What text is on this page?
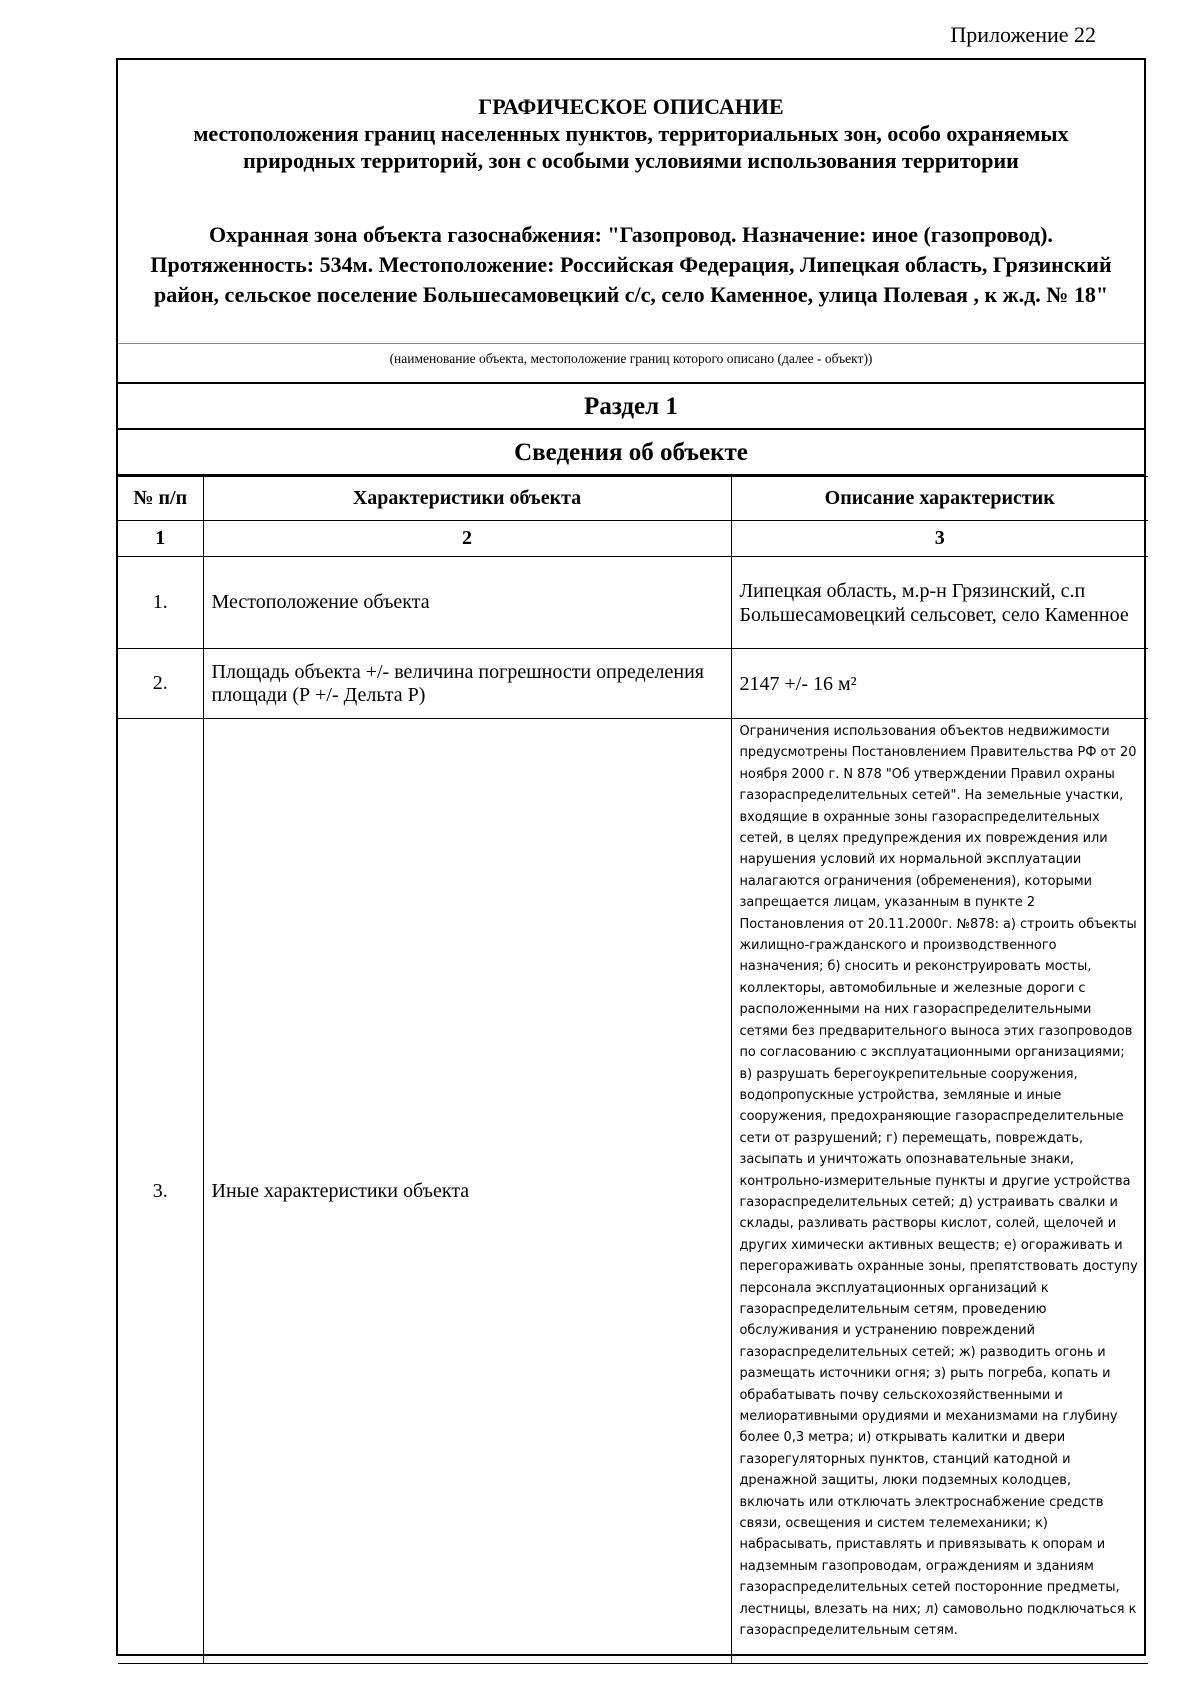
Приложение 22
ГРАФИЧЕСКОЕ ОПИСАНИЕ
местоположения границ населенных пунктов, территориальных зон, особо охраняемых природных территорий, зон с особыми условиями использования территории
Охранная зона объекта газоснабжения: "Газопровод. Назначение: иное (газопровод). Протяженность: 534м. Местоположение: Российская Федерация, Липецкая область, Грязинский район, сельское поселение Большесамовецкий с/с, село Каменное, улица Полевая , к ж.д. № 18"
(наименование объекта, местоположение границ которого описано (далее - объект))
Раздел 1
Сведения об объекте
№ п/п	Характеристики объекта	Описание характеристик
1	2	3
1.	Местоположение объекта	Липецкая область, м.р-н Грязинский, с.п Большесамовецкий сельсовет, село Каменное
2.	Площадь объекта +/- величина погрешности определения площади (Р +/- Дельта Р)	2147 +/- 16 м²
3.	Иные характеристики объекта	Ограничения использования объектов недвижимости предусмотрены Постановлением Правительства РФ от 20 ноября 2000 г. N 878 "Об утверждении Правил охраны газораспределительных сетей". На земельные участки, входящие в охранные зоны газораспределительных сетей, в целях предупреждения их повреждения или нарушения условий их нормальной эксплуатации налагаются ограничения (обременения), которыми запрещается лицам, указанным в пункте 2 Постановления от 20.11.2000г. №878: а) строить объекты жилищно-гражданского и производственного назначения; б) сносить и реконструировать мосты, коллекторы, автомобильные и железные дороги с расположенными на них газораспределительными сетями без предварительного выноса этих газопроводов по согласованию с эксплуатационными организациями; в) разрушать берегоукрепительные сооружения, водопропускные устройства, земляные и иные сооружения, предохраняющие газораспределительные сети от разрушений; г) перемещать, повреждать, засыпать и уничтожать опознавательные знаки, контрольно-измерительные пункты и другие устройства газораспределительных сетей; д) устраивать свалки и склады, разливать растворы кислот, солей, щелочей и других химически активных веществ; е) огораживать и перегораживать охранные зоны, препятствовать доступу персонала эксплуатационных организаций к газораспределительным сетям, проведению обслуживания и устранению повреждений газораспределительных сетей; ж) разводить огонь и размещать источники огня; з) рыть погреба, копать и обрабатывать почву сельскохозяйственными и мелиоративными орудиями и механизмами на глубину более 0,3 метра; и) открывать калитки и двери газорегуляторных пунктов, станций катодной и дренажной защиты, люки подземных колодцев, включать или отключать электроснабжение средств связи, освещения и систем телемеханики; к) набрасывать, приставлять и привязывать к опорам и надземным газопроводам, ограждениям и зданиям газораспределительных сетей посторонние предметы, лестницы, влезать на них; л) самовольно подключаться к газораспределительным сетям.
